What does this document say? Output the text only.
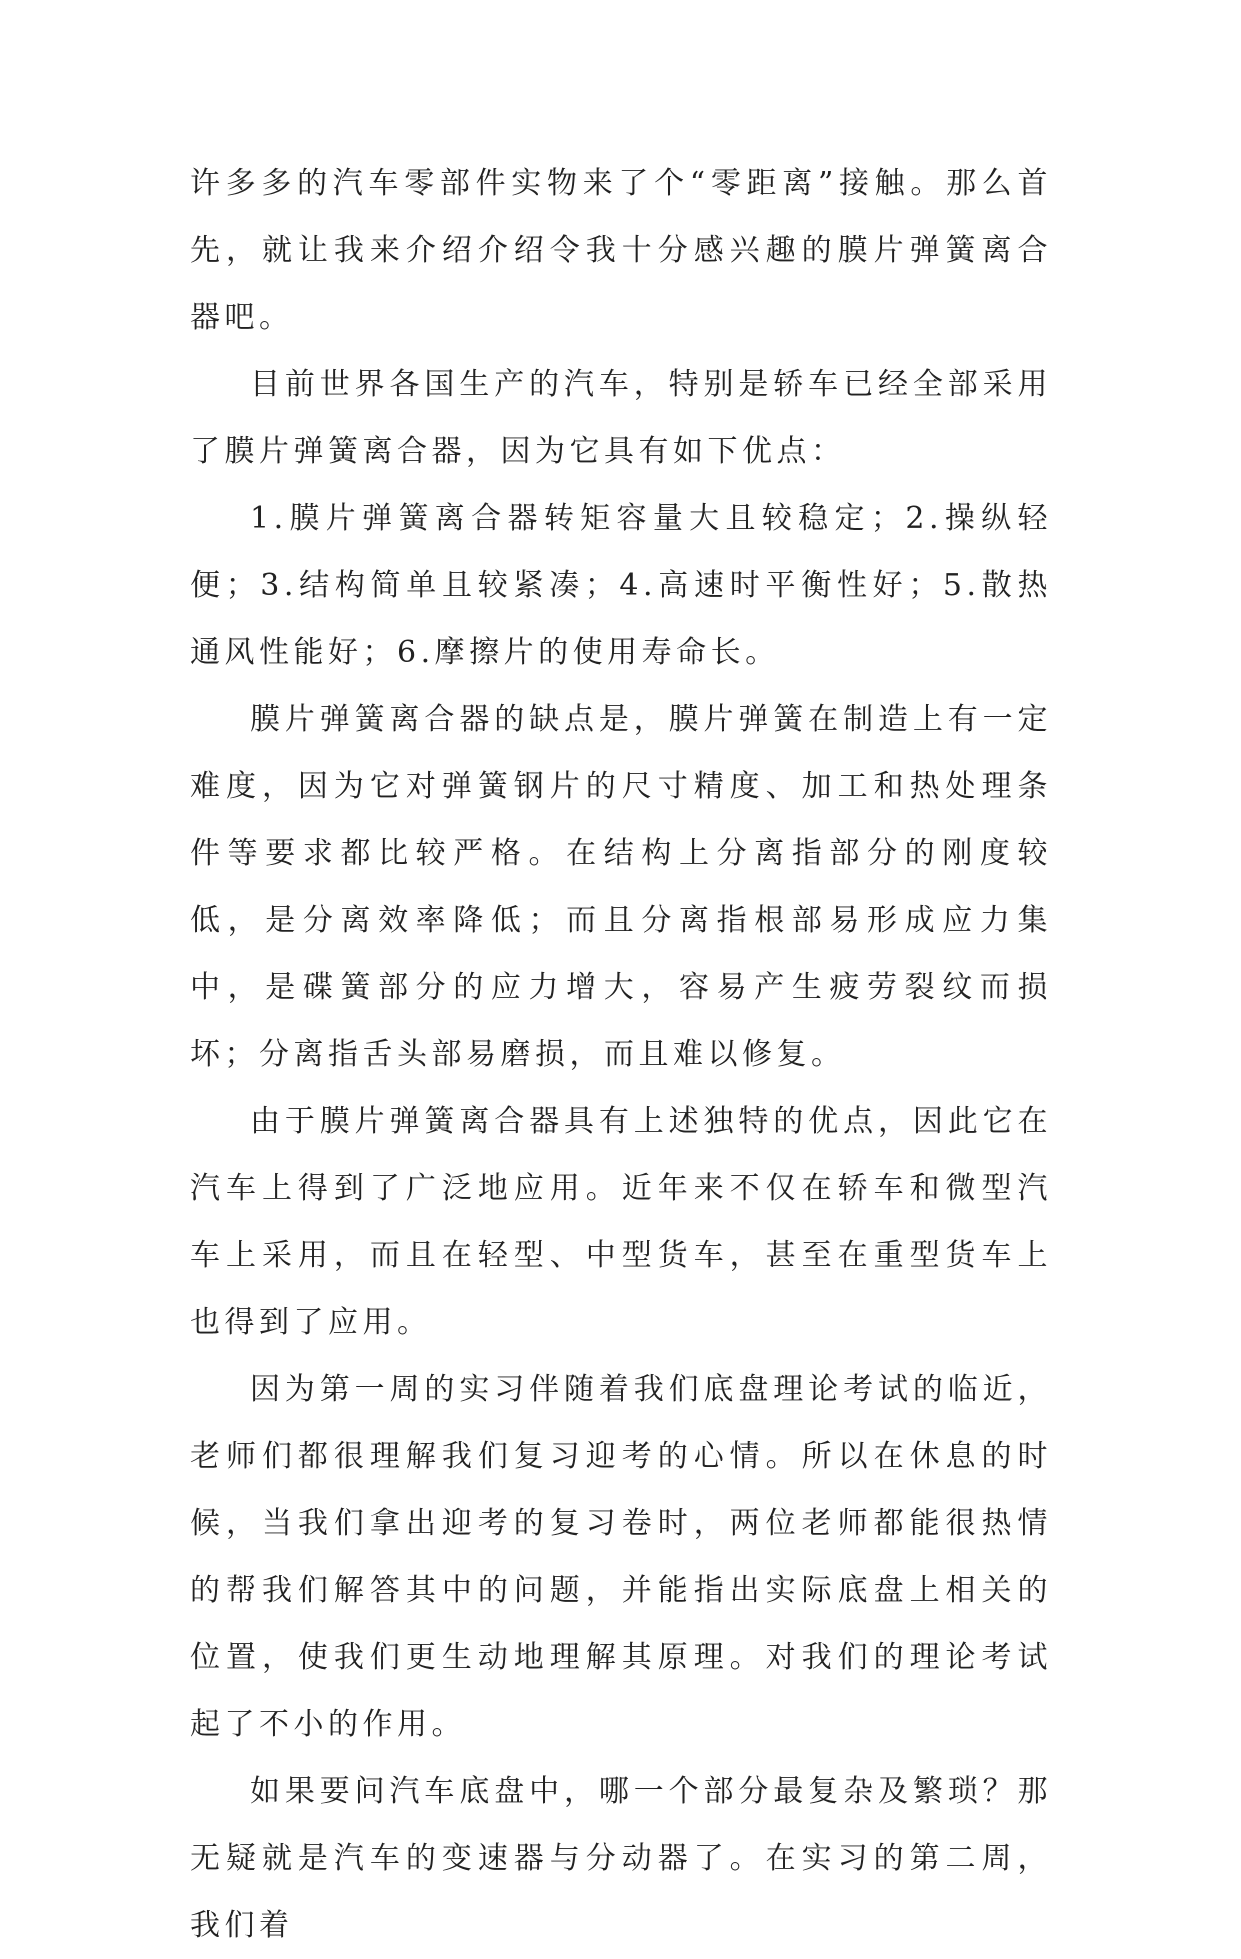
许多多的汽车零部件实物来了个“零距离”接触。那么首先，就让我来介绍介绍令我十分感兴趣的膜片弹簧离合器吧。

目前世界各国生产的汽车，特别是轿车已经全部采用了膜片弹簧离合器，因为它具有如下优点：

1.膜片弹簧离合器转矩容量大且较稳定；2.操纵轻便；3.结构简单且较紧凑；4.高速时平衡性好；5.散热通风性能好；6.摩擦片的使用寿命长。

膜片弹簧离合器的缺点是，膜片弹簧在制造上有一定难度，因为它对弹簧钢片的尺寸精度、加工和热处理条件等要求都比较严格。在结构上分离指部分的刚度较低，是分离效率降低；而且分离指根部易形成应力集中，是碟簧部分的应力增大，容易产生疲劳裂纹而损坏；分离指舌头部易磨损，而且难以修复。

由于膜片弹簧离合器具有上述独特的优点，因此它在汽车上得到了广泛地应用。近年来不仅在轿车和微型汽车上采用，而且在轻型、中型货车，甚至在重型货车上也得到了应用。

因为第一周的实习伴随着我们底盘理论考试的临近，老师们都很理解我们复习迎考的心情。所以在休息的时候，当我们拿出迎考的复习卷时，两位老师都能很热情的帮我们解答其中的问题，并能指出实际底盘上相关的位置，使我们更生动地理解其原理。对我们的理论考试起了不小的作用。

如果要问汽车底盘中，哪一个部分最复杂及繁琐？那无疑就是汽车的变速器与分动器了。在实习的第二周，我们着
